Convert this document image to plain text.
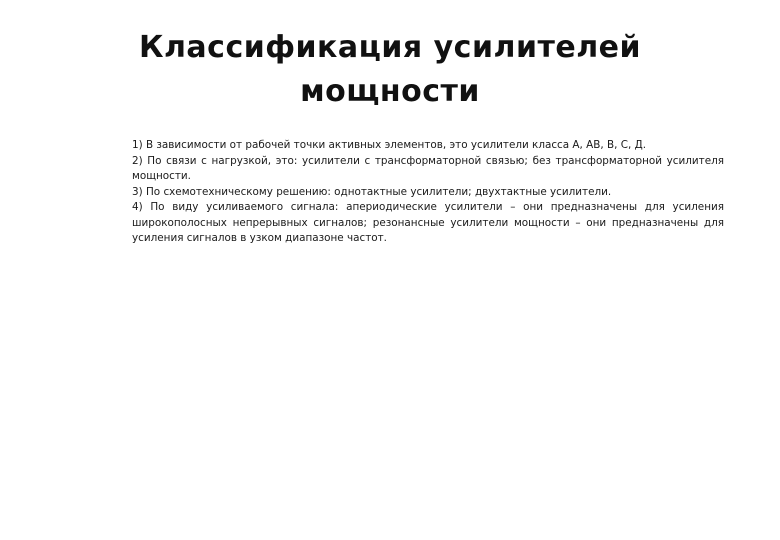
Классификация усилителей
мощности

1) В зависимости от рабочей точки активных элементов, это усилители класса А, АВ, В, С, Д.

2) По связи с нагрузкой, это: усилители с трансформаторной связью; без трансформаторной усилителя мощности.

3) По схемотехническому решению: однотактные усилители; двухтактные усилители.

4) По виду усиливаемого сигнала: апериодические усилители – они предназначены для усиления широкополосных непрерывных сигналов; резонансные усилители мощности – они предназначены для усиления сигналов в узком диапазоне частот.
